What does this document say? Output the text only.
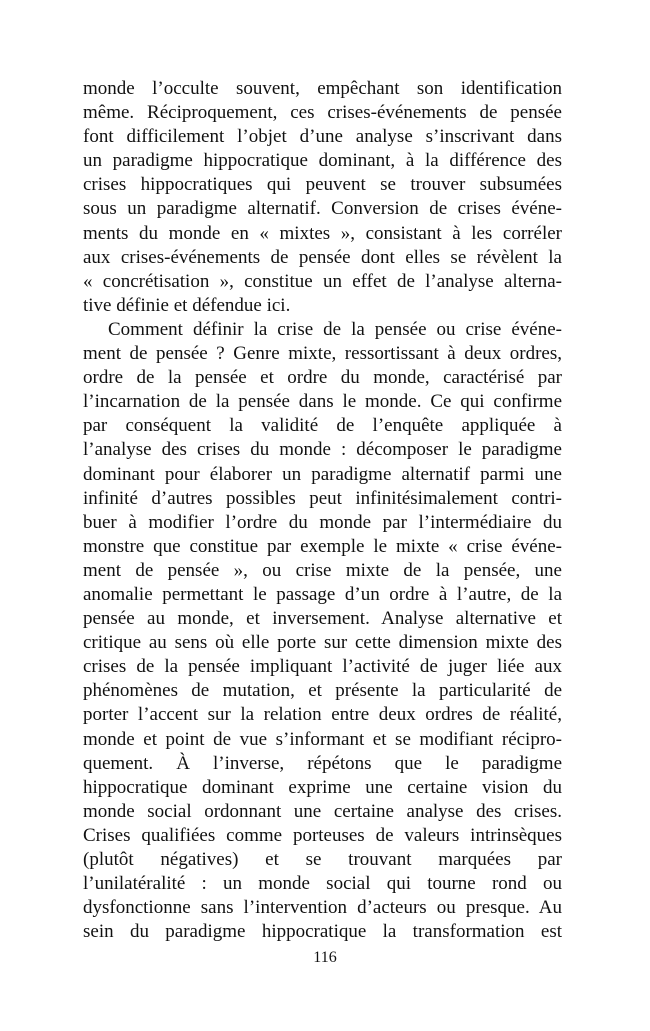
monde l’occulte souvent, empêchant son identification
même. Réciproquement, ces crises-événements de pensée
font difficilement l’objet d’une analyse s’inscrivant dans
un paradigme hippocratique dominant, à la différence des
crises hippocratiques qui peuvent se trouver subsumées
sous un paradigme alternatif. Conversion de crises événe-
ments du monde en « mixtes », consistant à les corréler
aux crises-événements de pensée dont elles se révèlent la
« concrétisation », constitue un effet de l’analyse alterna-
tive définie et défendue ici.
Comment définir la crise de la pensée ou crise événe-
ment de pensée ? Genre mixte, ressortissant à deux ordres,
ordre de la pensée et ordre du monde, caractérisé par
l’incarnation de la pensée dans le monde. Ce qui confirme
par conséquent la validité de l’enquête appliquée à
l’analyse des crises du monde : décomposer le paradigme
dominant pour élaborer un paradigme alternatif parmi une
infinité d’autres possibles peut infinitésimalement contri-
buer à modifier l’ordre du monde par l’intermédiaire du
monstre que constitue par exemple le mixte « crise événe-
ment de pensée », ou crise mixte de la pensée, une
anomalie permettant le passage d’un ordre à l’autre, de la
pensée au monde, et inversement. Analyse alternative et
critique au sens où elle porte sur cette dimension mixte des
crises de la pensée impliquant l’activité de juger liée aux
phénomènes de mutation, et présente la particularité de
porter l’accent sur la relation entre deux ordres de réalité,
monde et point de vue s’informant et se modifiant récipro-
quement. À l’inverse, répétons que le paradigme
hippocratique dominant exprime une certaine vision du
monde social ordonnant une certaine analyse des crises.
Crises qualifiées comme porteuses de valeurs intrinsèques
(plutôt négatives) et se trouvant marquées par
l’unilatéralité : un monde social qui tourne rond ou
dysfonctionne sans l’intervention d’acteurs ou presque. Au
sein du paradigme hippocratique la transformation est
116
